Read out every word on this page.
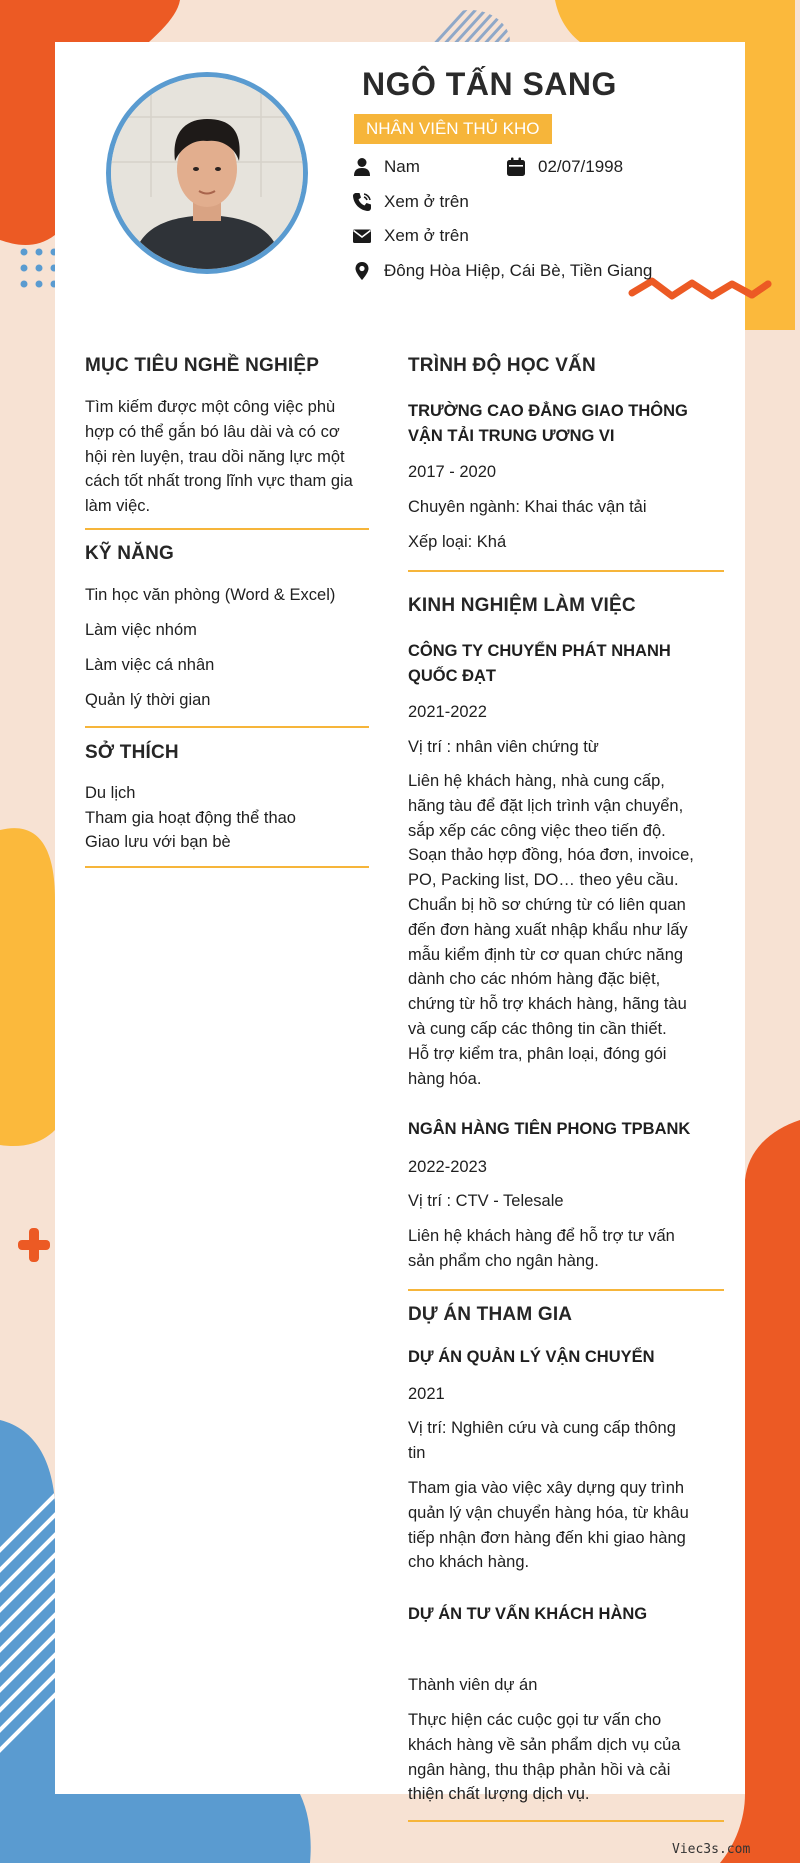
NGÔ TẤN SANG
NHÂN VIÊN THỦ KHO
Nam	02/07/1998
Xem ở trên
Xem ở trên
Đông Hòa Hiệp, Cái Bè, Tiền Giang
MỤC TIÊU NGHỀ NGHIỆP
Tìm kiếm được một công việc phù
hợp có thể gắn bó lâu dài và có cơ
hội rèn luyện, trau dồi năng lực một
cách tốt nhất trong lĩnh vực tham gia
làm việc.
KỸ NĂNG
Tin học văn phòng (Word & Excel)
Làm việc nhóm
Làm việc cá nhân
Quản lý thời gian
SỞ THÍCH
Du lịch
Tham gia hoạt động thể thao
Giao lưu với bạn bè
TRÌNH ĐỘ HỌC VẤN
TRƯỜNG CAO ĐẲNG GIAO THÔNG
VẬN TẢI TRUNG ƯƠNG VI
2017 - 2020
Chuyên ngành: Khai thác vận tải
Xếp loại: Khá
KINH NGHIỆM LÀM VIỆC
CÔNG TY CHUYỂN PHÁT NHANH
QUỐC ĐẠT
2021-2022
Vị trí : nhân viên chứng từ
Liên hệ khách hàng, nhà cung cấp,
hãng tàu để đặt lịch trình vận chuyển,
sắp xếp các công việc theo tiến độ.
Soạn thảo hợp đồng, hóa đơn, invoice,
PO, Packing list, DO… theo yêu cầu.
Chuẩn bị hồ sơ chứng từ có liên quan
đến đơn hàng xuất nhập khẩu như lấy
mẫu kiểm định từ cơ quan chức năng
dành cho các nhóm hàng đặc biệt,
chứng từ hỗ trợ khách hàng, hãng tàu
và cung cấp các thông tin cần thiết.
Hỗ trợ kiểm tra, phân loại, đóng gói
hàng hóa.
NGÂN HÀNG TIÊN PHONG TPBANK
2022-2023
Vị trí : CTV - Telesale
Liên hệ khách hàng để hỗ trợ tư vấn
sản phẩm cho ngân hàng.
DỰ ÁN THAM GIA
DỰ ÁN QUẢN LÝ VẬN CHUYỂN
2021
Vị trí: Nghiên cứu và cung cấp thông
tin
Tham gia vào việc xây dựng quy trình
quản lý vận chuyển hàng hóa, từ khâu
tiếp nhận đơn hàng đến khi giao hàng
cho khách hàng.
DỰ ÁN TƯ VẤN KHÁCH HÀNG
Thành viên dự án
Thực hiện các cuộc gọi tư vấn cho
khách hàng về sản phẩm dịch vụ của
ngân hàng, thu thập phản hồi và cải
thiện chất lượng dịch vụ.
Viec3s.com
